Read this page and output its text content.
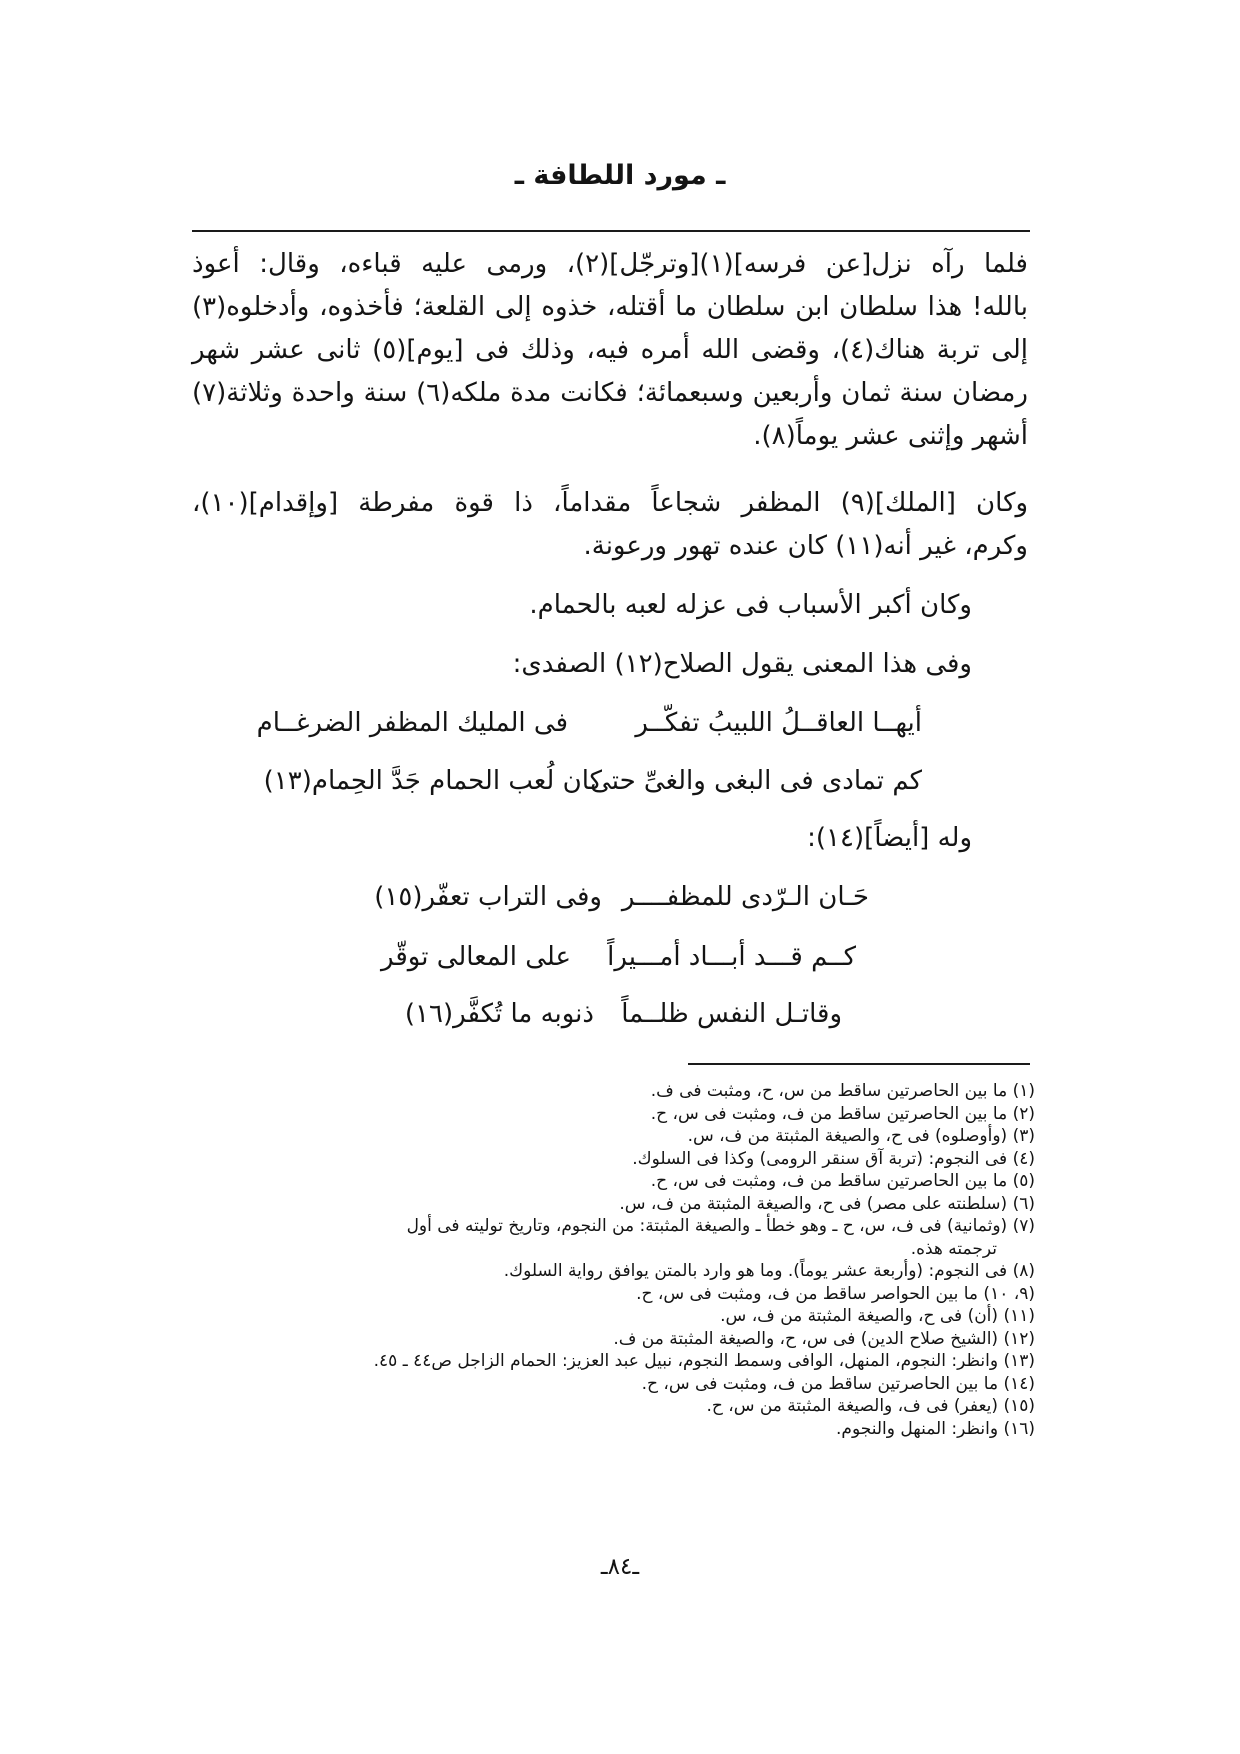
ـ مورد اللطافة ـ
فلما رآه نزل[عن فرسه](١)[وترجّل](٢)، ورمى عليه قباءه، وقال: أعوذ
بالله! هذا سلطان ابن سلطان ما أقتله، خذوه إلى القلعة؛ فأخذوه، وأدخلوه(٣)
إلى تربة هناك(٤)، وقضى الله أمره فيه، وذلك فى [يوم](٥) ثانى عشر شهر
رمضان سنة ثمان وأربعين وسبعمائة؛ فكانت مدة ملكه(٦) سنة واحدة وثلاثة(٧)
أشهر وإثنى عشر يوماً(٨).
وكان [الملك](٩) المظفر شجاعاً مقداماً، ذا قوة مفرطة [وإقدام](١٠)،
وكرم، غير أنه(١١) كان عنده تهور ورعونة.
وكان أكبر الأسباب فى عزله لعبه بالحمام.
وفى هذا المعنى يقول الصلاح(١٢) الصفدى:
أيهــا العاقــلُ اللبيبُ تفكّــر
فى المليك المظفر الضرغــام
كم تمادى فى البغى والغىِّ حتى
كان لُعب الحمام جَدَّ الحِمام(١٣)
وله [أيضاً](١٤):
حَـان الـرّدى للمظفــــر
وفى التراب تعفّر(١٥)
كــم قـــد أبـــاد أمـــيراً
على المعالى توقّر
وقاتـل النفس ظلــماً
ذنوبه ما تُكفَّر(١٦)
(١) ما بين الحاصرتين ساقط من س، ح، ومثبت فى ف.
(٢) ما بين الحاصرتين ساقط من ف، ومثبت فى س، ح.
(٣) (وأوصلوه) فى ح، والصيغة المثبتة من ف، س.
(٤) فى النجوم: (تربة آق سنقر الرومى) وكذا فى السلوك.
(٥) ما بين الحاصرتين ساقط من ف، ومثبت فى س، ح.
(٦) (سلطنته على مصر) فى ح، والصيغة المثبتة من ف، س.
(٧) (وثمانية) فى ف، س، ح ـ وهو خطأ ـ والصيغة المثبتة: من النجوم، وتاريخ توليته فى أول
ترجمته هذه.
(٨) فى النجوم: (وأربعة عشر يوماً). وما هو وارد بالمتن يوافق رواية السلوك.
(٩، ١٠) ما بين الحواصر ساقط من ف، ومثبت فى س، ح.
(١١) (أن) فى ح، والصيغة المثبتة من ف، س.
(١٢) (الشيخ صلاح الدين) فى س، ح، والصيغة المثبتة من ف.
(١٣) وانظر: النجوم، المنهل، الوافى وسمط النجوم، نبيل عبد العزيز: الحمام الزاجل ص٤٤ ـ ٤٥.
(١٤) ما بين الحاصرتين ساقط من ف، ومثبت فى س، ح.
(١٥) (يعفر) فى ف، والصيغة المثبتة من س، ح.
(١٦) وانظر: المنهل والنجوم.
ـ٨٤ـ
